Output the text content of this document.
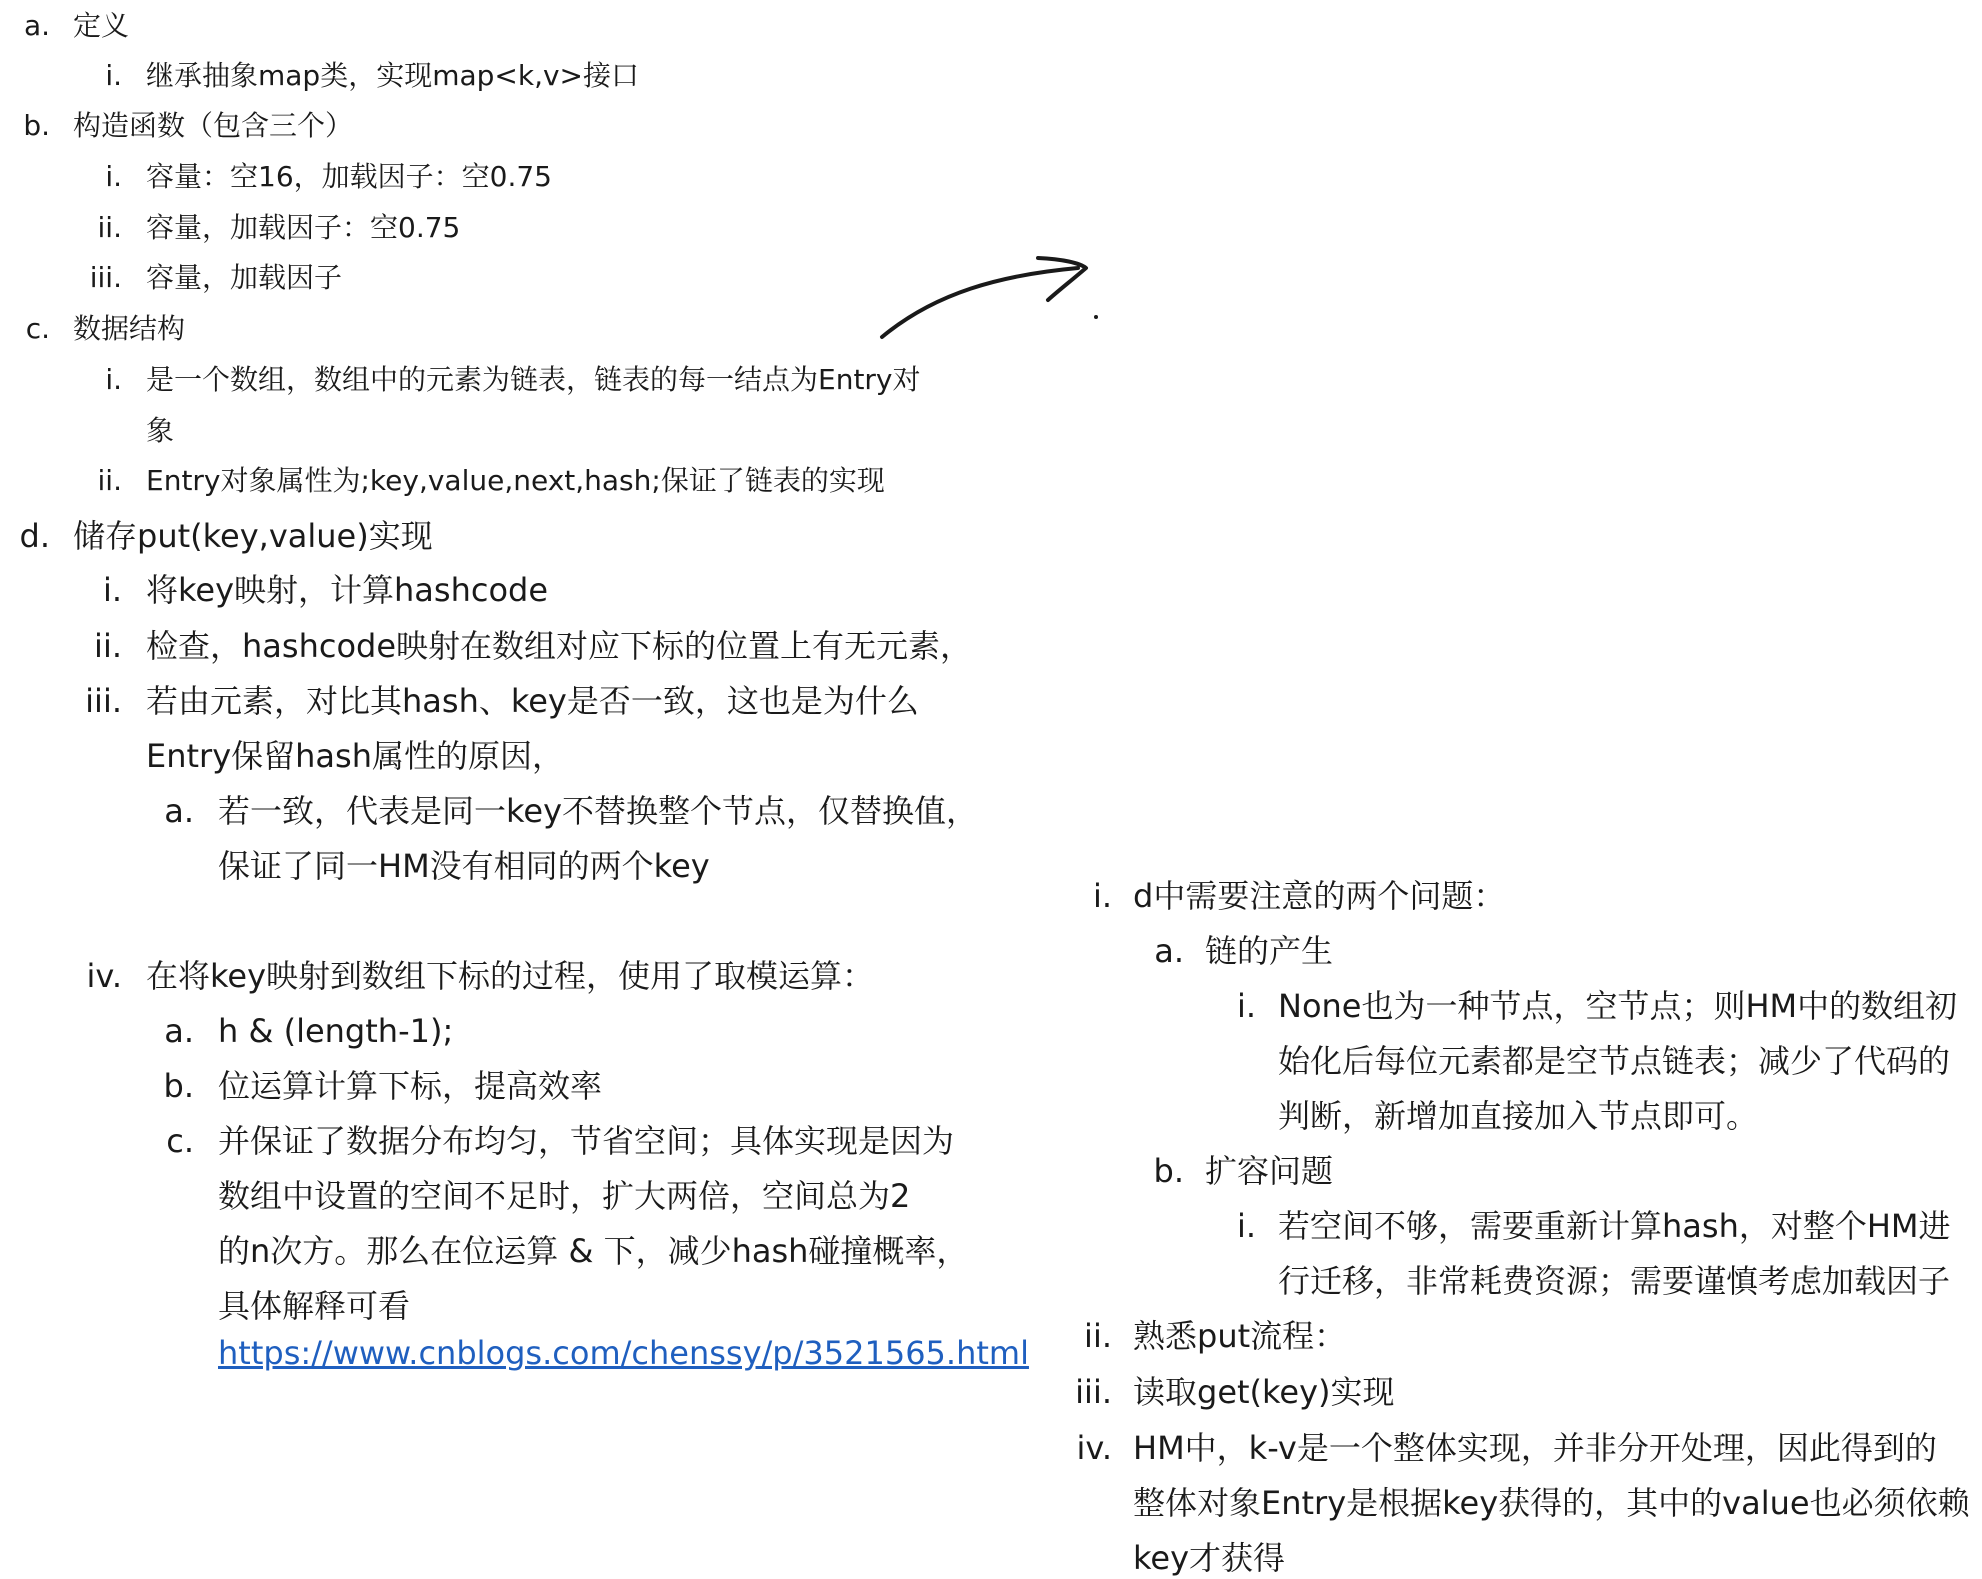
a. 定义
i. 继承抽象map类，实现map<k,v>接口
b. 构造函数（包含三个）
i. 容量：空16，加载因子：空0.75
ii. 容量，加载因子：空0.75
iii. 容量，加载因子
c. 数据结构
i. 是一个数组，数组中的元素为链表，链表的每一结点为Entry对
象
ii. Entry对象属性为;key,value,next,hash;保证了链表的实现
d. 储存put(key,value)实现
i. 将key映射，计算hashcode
ii. 检查，hashcode映射在数组对应下标的位置上有无元素，
iii. 若由元素，对比其hash、key是否一致，这也是为什么
Entry保留hash属性的原因，
a. 若一致，代表是同一key不替换整个节点，仅替换值，
保证了同一HM没有相同的两个key
iv. 在将key映射到数组下标的过程，使用了取模运算：
a. h & (length-1);
b. 位运算计算下标，提高效率
c. 并保证了数据分布均匀，节省空间；具体实现是因为
数组中设置的空间不足时，扩大两倍，空间总为2
的n次方。那么在位运算 & 下，减少hash碰撞概率，
具体解释可看
https://www.cnblogs.com/chenssy/p/3521565.html
i. d中需要注意的两个问题：
a. 链的产生
i. None也为一种节点，空节点；则HM中的数组初
始化后每位元素都是空节点链表；减少了代码的
判断，新增加直接加入节点即可。
b. 扩容问题
i. 若空间不够，需要重新计算hash，对整个HM进
行迁移，非常耗费资源；需要谨慎考虑加载因子
ii. 熟悉put流程：
iii. 读取get(key)实现
iv. HM中，k-v是一个整体实现，并非分开处理，因此得到的
整体对象Entry是根据key获得的，其中的value也必须依赖
key才获得
